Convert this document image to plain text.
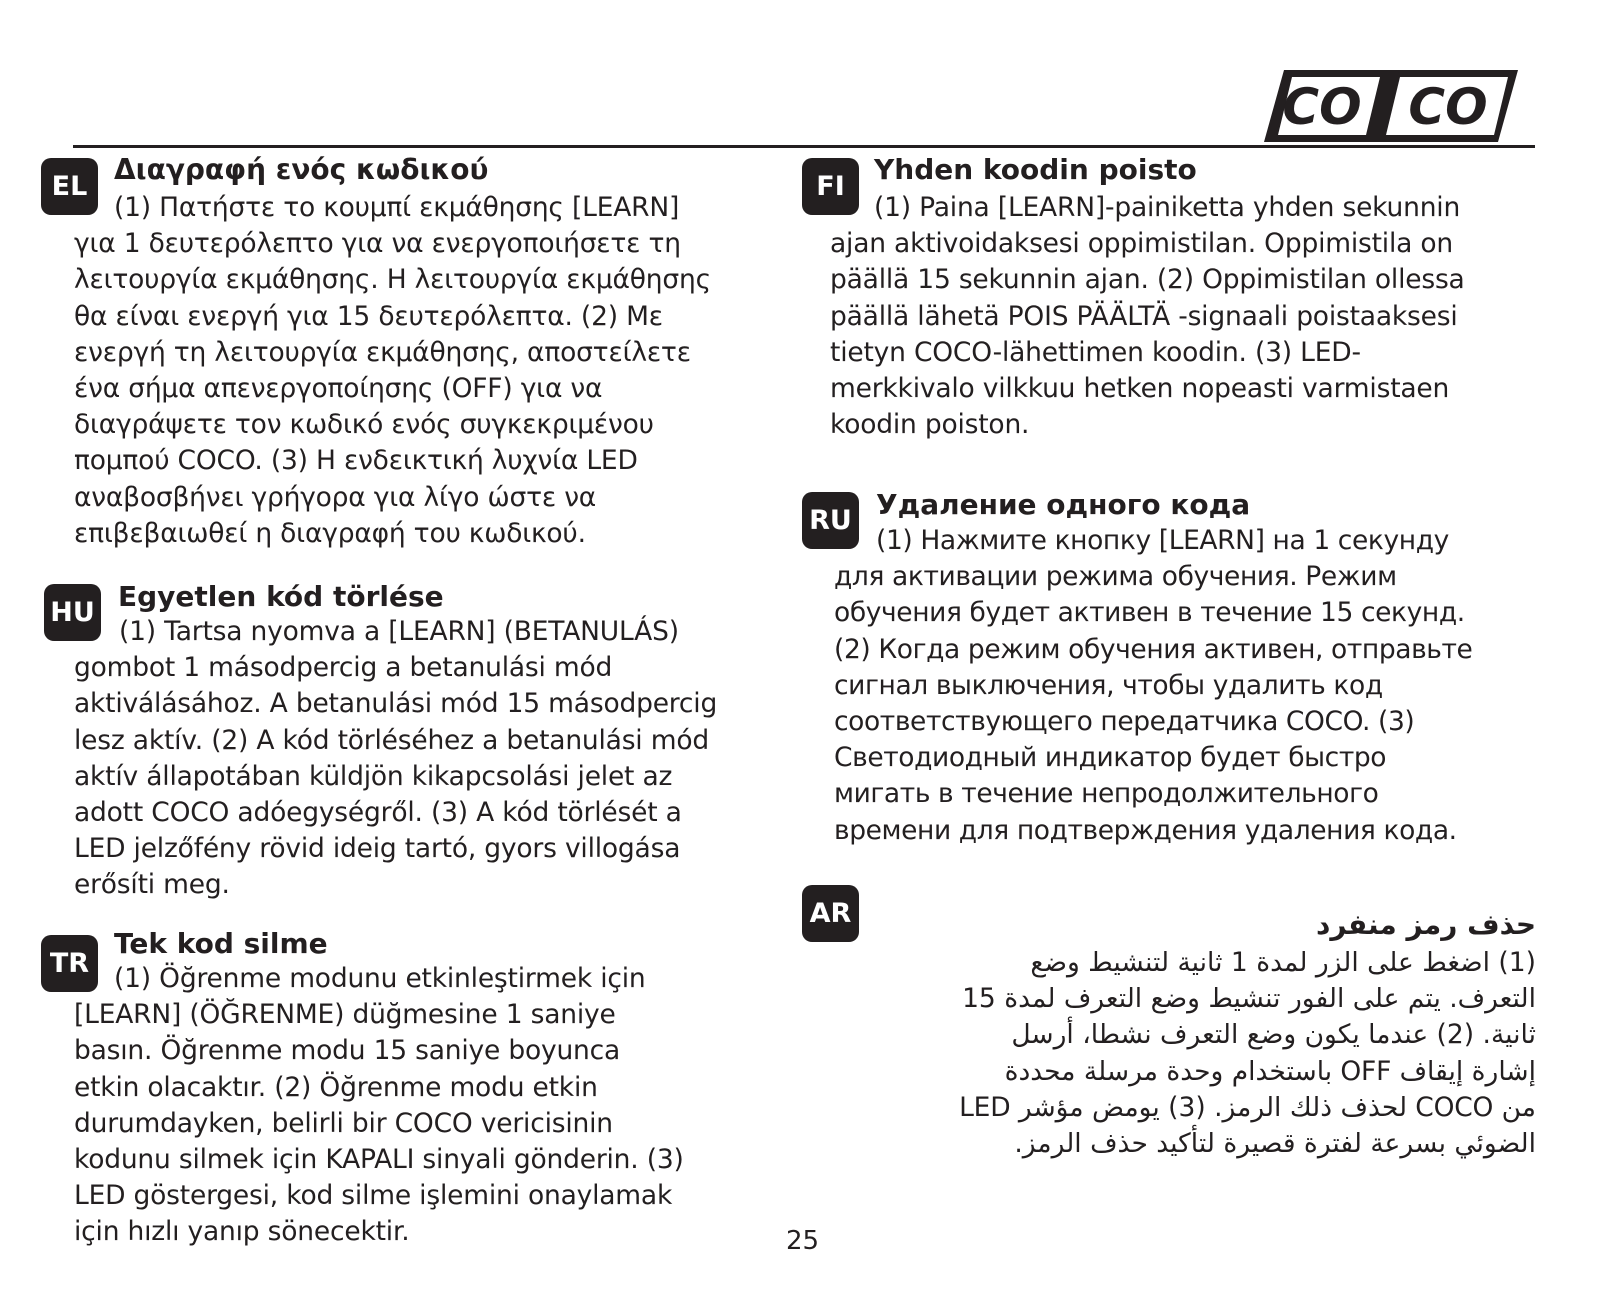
CO CO
EL
Διαγραφή ενός κωδικού
(1) Πατήστε το κουμπί εκμάθησης [LEARN]
για 1 δευτερόλεπτο για να ενεργοποιήσετε τη
λειτουργία εκμάθησης. Η λειτουργία εκμάθησης
θα είναι ενεργή για 15 δευτερόλεπτα. (2) Με
ενεργή τη λειτουργία εκμάθησης, αποστείλετε
ένα σήμα απενεργοποίησης (OFF) για να
διαγράψετε τον κωδικό ενός συγκεκριμένου
πομπού COCO. (3) Η ενδεικτική λυχνία LED
αναβοσβήνει γρήγορα για λίγο ώστε να
επιβεβαιωθεί η διαγραφή του κωδικού.
HU Egyetlen kód törlése
(1) Tartsa nyomva a [LEARN] (BETANULÁS)
gombot 1 másodpercig a betanulási mód
aktiválásához. A betanulási mód 15 másodpercig
lesz aktív. (2) A kód törléséhez a betanulási mód
aktív állapotában küldjön kikapcsolási jelet az
adott COCO adóegységről. (3) A kód törlését a
LED jelzőfény rövid ideig tartó, gyors villogása
erősíti meg.
TR
Tek kod silme
(1) Öğrenme modunu etkinleştirmek için
[LEARN] (ÖĞRENME) düğmesine 1 saniye
basın. Öğrenme modu 15 saniye boyunca
etkin olacaktır. (2) Öğrenme modu etkin
durumdayken, belirli bir COCO vericisinin
kodunu silmek için KAPALI sinyali gönderin. (3)
LED göstergesi, kod silme işlemini onaylamak
için hızlı yanıp sönecektir.
FI
Yhden koodin poisto
(1) Paina [LEARN]-painiketta yhden sekunnin
ajan aktivoidaksesi oppimistilan. Oppimistila on
päällä 15 sekunnin ajan. (2) Oppimistilan ollessa
päällä lähetä POIS PÄÄLTÄ -signaali poistaaksesi
tietyn COCO-lähettimen koodin. (3) LED-
merkkivalo vilkkuu hetken nopeasti varmistaen
koodin poiston.
RU Удаление одного кода
(1) Нажмите кнопку [LEARN] на 1 секунду
для активации режима обучения. Режим
обучения будет активен в течение 15 секунд.
(2) Когда режим обучения активен, отправьте
сигнал выключения, чтобы удалить код
соответствующего передатчика COCO. (3)
Светодиодный индикатор будет быстро
мигать в течение непродолжительного
времени для подтверждения удаления кода.
AR	حذف رمز منفرد
(1) اضغط على الزر لمدة 1 ثانية لتنشيط وضع
التعرف. يتم على الفور تنشيط وضع التعرف لمدة 15
ثانية. (2) عندما يكون وضع التعرف نشطا، أرسل
إشارة إيقاف OFF باستخدام وحدة مرسلة محددة
من COCO لحذف ذلك الرمز. (3) يومض مؤشر LED
الضوئي بسرعة لفترة قصيرة لتأكيد حذف الرمز.
25
